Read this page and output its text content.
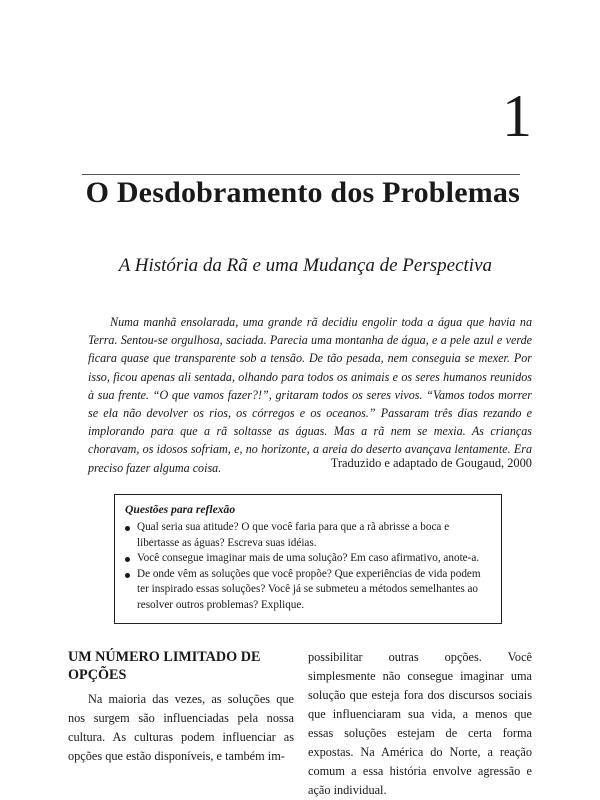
1
O Desdobramento dos Problemas
A História da Rã e uma Mudança de Perspectiva

Numa manhã ensolarada, uma grande rã decidiu engolir toda a água que havia na Terra. Sentou-se orgulhosa, saciada. Parecia uma montanha de água, e a pele azul e verde ficara quase que transparente sob a tensão. De tão pesada, nem conseguia se mexer. Por isso, ficou apenas ali sentada, olhando para todos os animais e os seres humanos reunidos à sua frente. “O que vamos fazer?!”, gritaram todos os seres vivos. “Vamos todos morrer se ela não devolver os rios, os córregos e os oceanos.” Passaram três dias rezando e implorando para que a rã soltasse as águas. Mas a rã nem se mexia. As crianças choravam, os idosos sofriam, e, no horizonte, a areia do deserto avançava lentamente. Era preciso fazer alguma coisa.	Traduzido e adaptado de Gougaud, 2000

Questões para reflexão

Qual seria sua atitude? O que você faria para que a rã abrisse a boca e libertasse as águas? Escreva suas idéias.
Você consegue imaginar mais de uma solução? Em caso afirmativo, anote-a.
De onde vêm as soluções que você propõe? Que experiências de vida podem ter inspirado essas soluções? Você já se submeteu a métodos semelhantes ao resolver outros problemas? Explique.
UM NÚMERO LIMITADO DE OPÇÕES

Na maioria das vezes, as soluções que nos surgem são influenciadas pela nossa cultura. As culturas podem influenciar as opções que estão disponíveis, e também im-

possibilitar outras opções. Você simplesmente não consegue imaginar uma solução que esteja fora dos discursos sociais que influenciaram sua vida, a menos que essas soluções estejam de certa forma expostas. Na América do Norte, a reação comum a essa história envolve agressão e ação individual.
